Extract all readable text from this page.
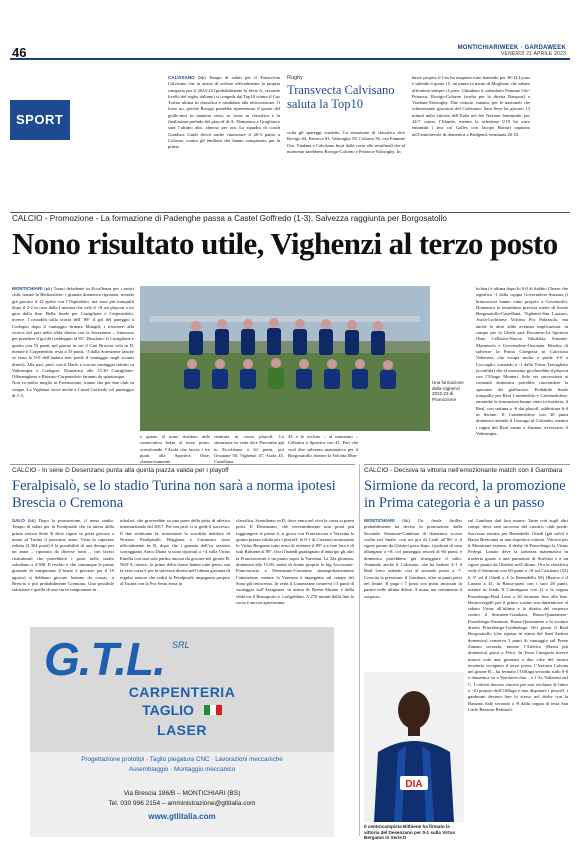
46	MONTICHIARIWEEK · GARDAWEEK
VENERDÌ 21 APRILE 2023
SPORT
CALVISANO (bk) Tempo di saluti per il Transvecta Calvisano che in attesa di svelare ufficialmente la propria categoria per il 2023-24 (probabilmente la Serie A, secondo livello del rugby italiano) si congeda dal Top10 contro il Cus Torino ultima in classifica e candidato alla retrocessione. O forse no, perché Rovigo potrebbe ripresentare il poster del giallo-neri in maniera seria, se fosse in classifica e la finalissima prelude del playoff di A. Domenica a Grugliasco sarà l’ultimo atto, almeno per ora. La squadra di coach Gianluca Guidi dovrà anche rinunciare il 28-3 patito a Colorno, contro gli emiliani che hanno conquistato per la prima
Rugby
Transvecta Calvisano saluta la Top10
volta gli spareggi scudetto. La situazione di classifica dice Rovigo 64, Petrarca 63, Valorugby 58, Colorno 56, con Fiamme Oro, Viadana e Calvisano fuori dalla corsa alle semifinali che al momento sarebbero Rovigo-Colorno e Petrarca-Valorugby. In
basso proprio il Cus ha risaperto tutto battendo per 30-14 Lyons e salendo a quota 15, un punto in meno di Mogliano che sabato affronterà sempre i Lyons. Chiudono il calendario Fiamme Oro-Petrarca, Rovigo-Colorno (scelta per la diretta Raisport) e Viadana-Valorugby. Due vittorie, intanto, per le nazionali che schiereranno giocatori del Calvisano: Sara Seye ha giocato 13 minuti nella vittoria dell’Italia nel Sei Nazioni femminile, per 24-7 contro l’Irlanda, mentre la selezione U19 ha visto entrambi i test col Galles con Jacopo Botturi capitano nell’amichevole di domenica a Bridgend, terminata 26-52.
CALCIO - Promozione - La formazione di Padenghe passa a Castel Goffredo (1-3). Salvezza raggiunta per Borgosatollo
Nono risultato utile, Vighenzi al terzo posto
MONTICHIARI (pk) Turno defudente in Eccellenza per i nostri club, tranne la Bedizzolese: i granata domenica riposano, avendo già giocato il 12 aprile con l’Ospitaletto, ma sono più tranquilli dopo il 2-2 in casa della Luisiana che vale il +8 sui playout a tre gare dalla fine. Bella finale per Castiglione e Carpenedolo, invece. I rossoblù sulla scorta dell’ 88° il gol del pareggio a Codogno dopo il vantaggio firmato Mangili, i rossoneri alla ricerca del pari nella sfida diretta con la Soresinese – finiscono per prendere il gol del raddoppio al 95°. Risultato: il Castiglione è quarto con 53 punti, nel giorno in cui il Casi Broscia vola in D, mentre il Carpenedolo resta a 35 punti, -3 dalla Soresinese (anche se visto lo 0-0 dell’andata non perde il vantaggio negli scontri diretti). Alla pari, però, con il Darfo e con un vantaggio ridotto su Valtrompia e Codogno. Domenica alle 15.30 Castiglione-Offanenghese e Rezzato-Carpenedolo faranno da spartiacque.
Non va molto meglio in Promozione, tranne che per due club su cinque. La Vighenzi vince anche a Castel Goffredo col punteggio di 1-3,
Una formazione della Vighenzi 2022-23 di Promozione
e grazie al nono risultato utile consecutivo balza al terzo posto, scavalcando l’Asola che lascia i tre punti alla Sportiva Ome, clamorosamente
rientrata in corsa playoff. La situazione in vetta dice Pavonese già in Eccellenza a 61 punti, poi Orsonate 50, Vighenzi 47, Asola 45, Castellana
43 e le escluse – al momento – Cellatica e Sportiva con 41. Pari che vuol dire salvezza matematica per il Borgosatollo, mentre la Volcitta Mon-
tichiari è ultima dopo lo 0-0 di Sabbio Chiese che significa -1 dalla coppia Governolese-Suzzara (i biancorossi hanno vinto proprio a Governolo). Domenica la terzultima prevista mette di fronte Borgosatollo-Castellana, Vighenzi-San Lazzaro, Asola-Lodrinese Volcitta Pro Palazzolo, ma anche le altre sfide avranno implicazioni: in campo per la Ghedi sarà Pavonese-La Sportiva Ome, Cellatica-Nuova Valsabbia, Suzzara-Marmirolo e Governolese-Orsonata. Rischio di salvezze la Prima Categoria in Calcistica Valtenesi, che sciupa molto e perde 2-0 a Coccaglio, tornando a -1 dalla Virtus Travagliato (sconfitta) che al momento giocherebbe il playout con l’Ubago Monteri. Solo sei successioni ai comandi domenica potrebbe riaccendere la speranze dei giallorossi. Probabile finale tranquillo per Real Castenedolo e Castenedolese: entrambe le formazioni hanno vinto in trasferta; il Real, con settima a -6 dai playoff, addirittura 6-4 in Seriate. Il Castenedolese con 30 punti domenica attende il Gussago al Colombo, mentre i ragini del Real vanno a Zanano, avversario il Valtrompia.
CALCIO - In serie D Desenzano punta alla quinta piazza valida per i playoff
Feralpisalò, se lo stadio Turina non sarà a norma ipotesi Brescia o Cremona
SALÒ (bk) Dopo la promozione, il tema stadio. Tempo di saluti per la Feralpisalò che in attesa della prima storica Serie B deve capire se potrà giocare o meno al Turina il prossimo anno. Vista la capienza ridotta (2.364 posti) è la possibilità di una deroga per un anno – riportata da diverse fonti – con lavori ristrutturati che potrebbero i posti nello stadio salodiano a 3.500. Il rischio è che comunque le prime giornate di campionato (l’inizio è previsto per il 19 agosto) si debbano giocare lontano da «casa», a Brescia o più probabilmente Cremona. Una possibile soluzione e quella di una curva temporanea in
tubolari, che graverebbe su una parte della pista di atletica internazionale del 2017. Per ora però ci si gode il successo. Il due settimane fa, nonostante la sconfitta indolore di Novara. Feralpisalò, Reggiana e Catanzaro sono ufficialmente in B, dopo che i granata dell’ex sessisto scoraggiano Aimo Diana si sono riportati a +4 sulla Virtus Entella con una sola partita ancora da giocare nel girone B. Nell’A, invece, le prime della classe hanno tutte perso, ma la vera corsa è per la salvezza diretta nell’ultima giornata di regular season che vedrà la Feralpisalò impegnata proprio al Turina con la Pro Sesto terza in
classifica. Scendiamo in D, dove entra nel vivo la corsa ai primi posti. Il Desenzano, che verosimilmente non potrà più raggiungere le prime 4, si gioca con Franciacorta e Varesina la quinta piazza valida per i playoff: la 0-1 di Ciserano nonostante lo Virtus Bergamo tutto resto di ottenere il 89° a e fare loro e di tutti Bithiene al 89’. Ora il lunedì guadagnato d’anticipo gli altri la Franciacortini e un punto sopra la Varesina. La 32a giornata, domenica alle 15.00, mette di fronte proprio le big Accorsone-Franciacorta e Desenzano-Cassatese monopolizzerannno l’attenzione, mentre la Varesina è impegnata sul campo del Sona già retrocesso. In vetta il Lumezzane conserva i 3 punti di vantaggio sull’Arzignano, in attesa di Breno-Akrone e della sfida tra il Brusaporto e i valgobbini. A 270 minuti dalla fine la corsa è ancora apertissima.
CALCIO - Decisiva la vittoria nell’emozionante match con il Gambara
Sirmione da record, la promozione in Prima categoria è a un passo
MONTICHIARI (bk) Un finale thriller probabilmente ha deciso la promozione dalla Seconda. Sirmione-Gambara di domenica scorsa svolta nel finale: con un gol di Leali all’86’ e il rigore parato da Ghisleri poco dopo, i padroni di casa allungano a +8, col punteggio record di 60 punti, e domenica potrebbero già festeggiare il salto. Aiutando anche il Calcinato, che ha battuto 4-1 il Real Leno salendo così al secondo posto a -7. Crescita la pressione: il Gambara, oltre ai punti persi nel finale. Il paga i 7 posti con punti incassati in partite nelle ultime difese. A nona, ma certamente il sorpasso
sul Gambara dati loro monte. Tante voti sugli altri campi, dove sarà successo del «nostri» club perde. Successo esterno per Remedello. Ghedi (già salvi) e Bassa Bresciana in una rispettiva vittoria. Vittoria per il Montirone esterno, il derby di Pozzolengo la Virtus Ferlegi. Lonato deve la salvezza matematica in trasferta grazie a una punizione di Scalvini e a un rigore parato da Ghisleri nell’ultimo. Ora la classifica vede il Sirmione con 60 punti a +8 sul Calcinato (52) il 3° ed il Ghedi a 4 (e Remedello 50) (Basica e il Lonato a 41, la Bassa-quasi con i suoi 28 punti, mentre in fondo Il Comingano con 21 e la coppia Pozzolengo-Real Leno a 20 terranno fino alla fine. Bornovorgelli per il primo scalino ma dimenticare al sabato Virtus all’ultima e la diretta del sorpasso contro il Sirmione-Gambara, Bassa-Quinzanese-Pozzolengo-Sirmione, Bassa-Quinzanese e lo scontro diretto Pozzolengo-Goldenlago. Nei giorni il Real Borgosatollo (che ripassa in attesa del Sant’Andrea domenica) conserva 3 punti di vantaggio sul Ponte Zanano secondo, mentre l’Atletico (Bassa più domenica) gioca a Fiero. In Terza Categoria invece muove sole una giornata a due cifre del nostro territorio occupano il terzo posto: l’Azzurra Calvina nel girone B – ha fermato l’Offlaga secondo sullo 0-0 e domenica va a Verolavecchia – e l’As Valtenesi nel C. I calvini devono vincere per non rischiare di finire a -10 proprio dell’Offlaga e non disputare i playoff, i gardesani devono fare lo stesso nel derby con la Bassano Salò secondo a -8 dalla coppia di testa San Carlo Rezzato-Bettinoli.
DIA
Il centrocampista Bithiene ha firmato la vittoria del Desenzano per 0-1 sulla Virtus Bergamo in Serie D
G.T.L. SRL
CARPENTERIA
TAGLIO
LASER
Progettazione prototipi · Taglio piegatura CNC · Lavorazioni meccaniche
Assemblaggio · Montaggio meccanico
Via Brescia 186/B – MONTICHIARI (BS)
Tel. 030 996 2154 – amministrazione@gtlitalia.com
www.gtlitalia.com
